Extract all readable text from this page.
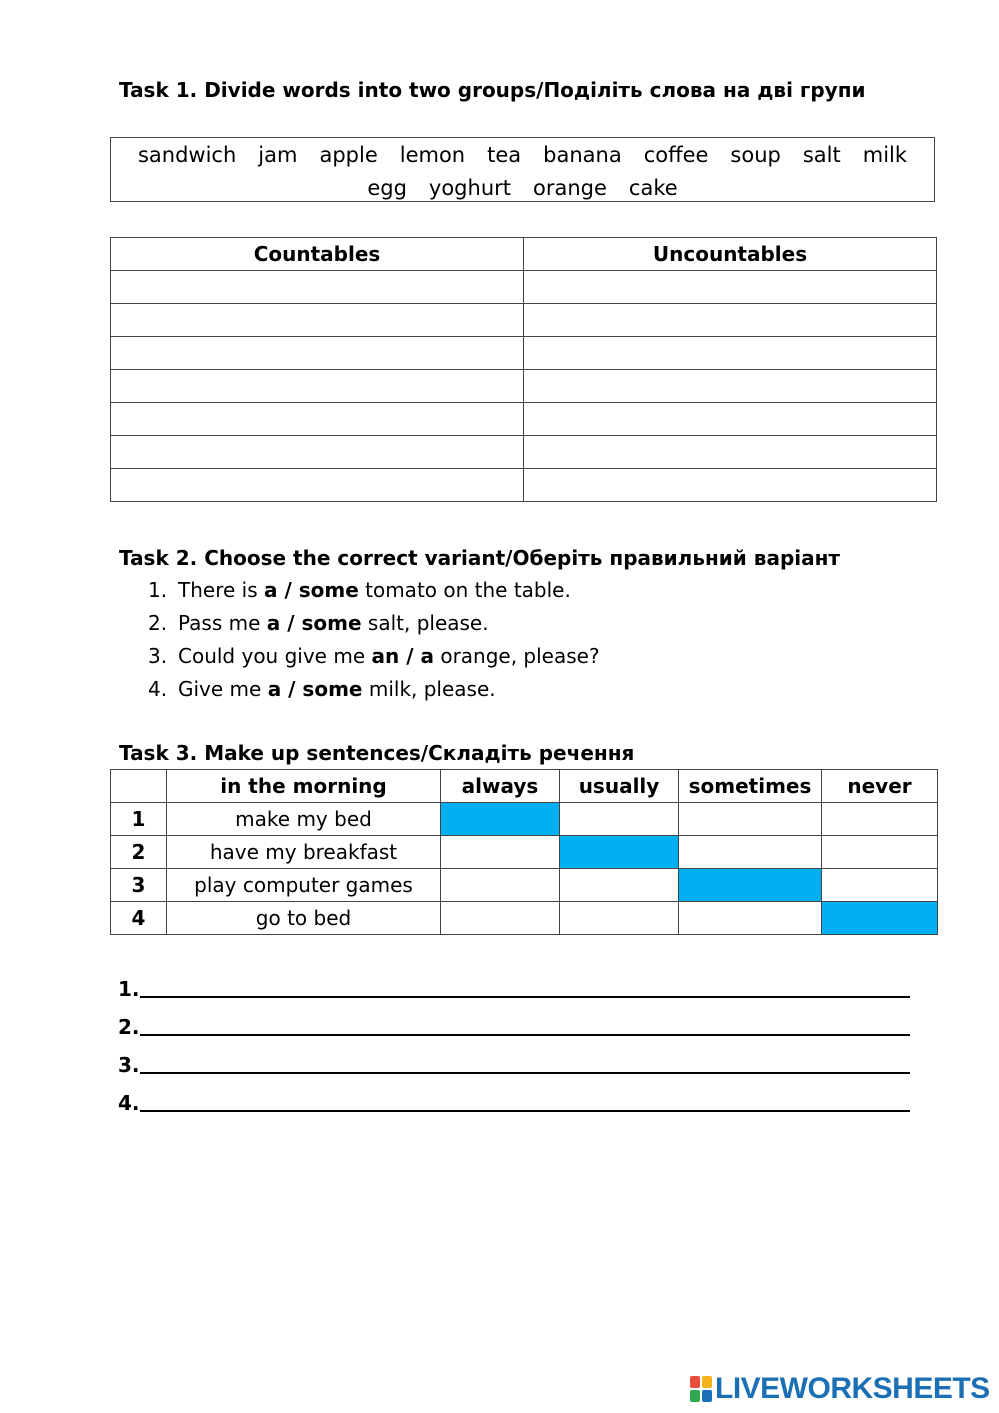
Task 1. Divide words into two groups/Поділіть слова на дві групи
sandwich jam apple lemon tea banana coffee soup salt milk
egg yoghurt orange cake
Countables	Uncountables

Task 2. Choose the correct variant/Оберіть правильний варіант
1. There is a / some tomato on the table.
2. Pass me a / some salt, please.
3. Could you give me an / a orange, please?
4. Give me a / some milk, please.
Task 3. Make up sentences/Складіть речення
	in the morning	always	usually	sometimes	never
1	make my bed				
2	have my breakfast				
3	play computer games				
4	go to bed				
1.
2.
3.
4.
LIVEWORKSHEETS
